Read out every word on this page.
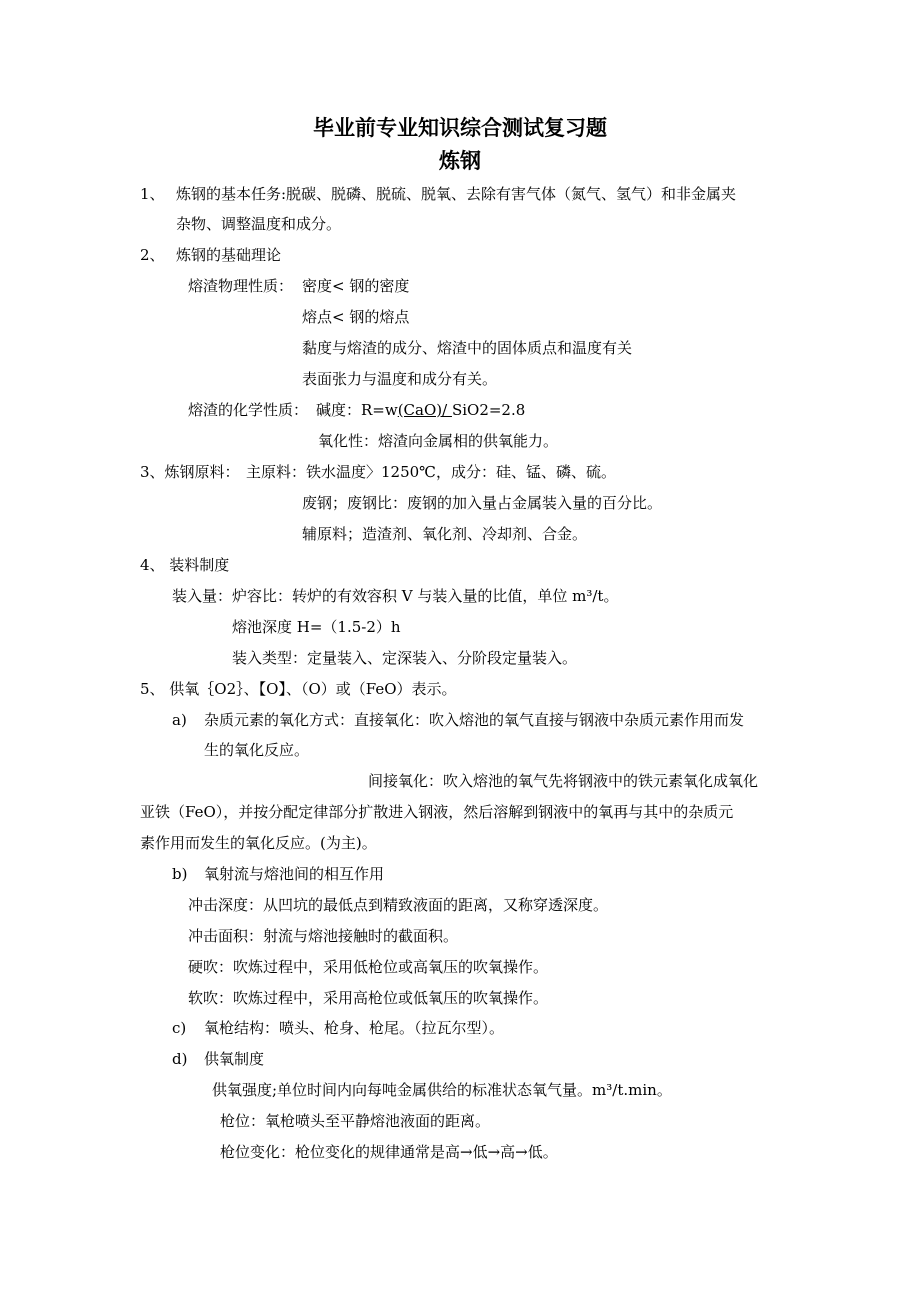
毕业前专业知识综合测试复习题
炼钢
1、 炼钢的基本任务:脱碳、脱磷、脱硫、脱氧、去除有害气体（氮气、氢气）和非金属夹
杂物、调整温度和成分。
2、 炼钢的基础理论
熔渣物理性质： 密度< 钢的密度
熔点< 钢的熔点
黏度与熔渣的成分、熔渣中的固体质点和温度有关
表面张力与温度和成分有关。
熔渣的化学性质： 碱度：R=w(CaO)/ SiO2=2.8
氧化性：熔渣向金属相的供氧能力。
3、炼钢原料： 主原料：铁水温度〉1250℃，成分：硅、锰、磷、硫。
废钢；废钢比：废钢的加入量占金属装入量的百分比。
辅原料；造渣剂、氧化剂、冷却剂、合金。
4、 装料制度
装入量：炉容比：转炉的有效容积 V 与装入量的比值，单位 m³/t。
熔池深度 H=（1.5-2）h
装入类型：定量装入、定深装入、分阶段定量装入。
5、 供氧｛O2｝、【O】、（O）或（FeO）表示。
a) 杂质元素的氧化方式：直接氧化：吹入熔池的氧气直接与钢液中杂质元素作用而发
生的氧化反应。
间接氧化：吹入熔池的氧气先将钢液中的铁元素氧化成氧化
亚铁（FeO），并按分配定律部分扩散进入钢液，然后溶解到钢液中的氧再与其中的杂质元
素作用而发生的氧化反应。(为主)。
b) 氧射流与熔池间的相互作用
冲击深度：从凹坑的最低点到精致液面的距离，又称穿透深度。
冲击面积：射流与熔池接触时的截面积。
硬吹：吹炼过程中，采用低枪位或高氧压的吹氧操作。
软吹：吹炼过程中，采用高枪位或低氧压的吹氧操作。
c) 氧枪结构：喷头、枪身、枪尾。（拉瓦尔型）。
d) 供氧制度
供氧强度;单位时间内向每吨金属供给的标准状态氧气量。m³/t.min。
枪位：氧枪喷头至平静熔池液面的距离。
枪位变化：枪位变化的规律通常是高→低→高→低。
